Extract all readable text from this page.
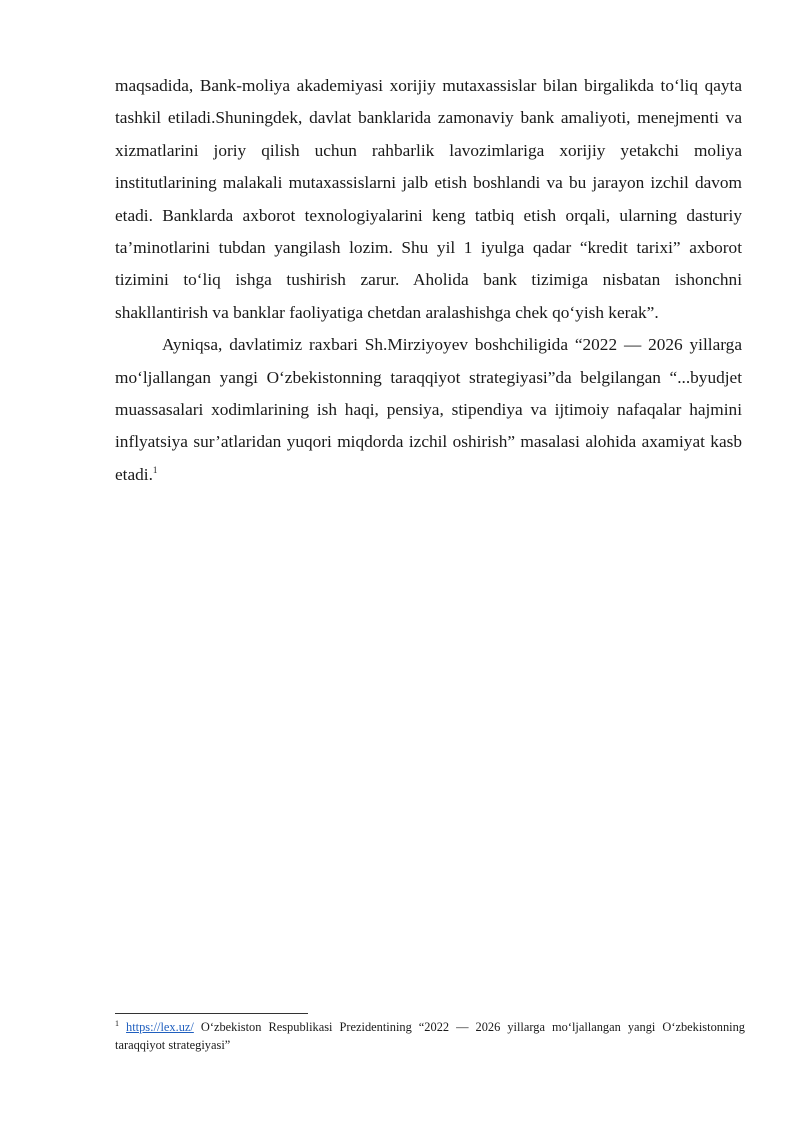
maqsadida, Bank-moliya akademiyasi xorijiy mutaxassislar bilan birgalikda to‘liq qayta tashkil etiladi.Shuningdek, davlat banklarida zamonaviy bank amaliyoti, menejmenti va xizmatlarini joriy qilish uchun rahbarlik lavozimlariga xorijiy yetakchi moliya institutlarining malakali mutaxassislarni jalb etish boshlandi va bu jarayon izchil davom etadi. Banklarda axborot texnologiyalarini keng tatbiq etish orqali, ularning dasturiy ta’minotlarini tubdan yangilash lozim. Shu yil 1 iyulga qadar “kredit tarixi” axborot tizimini to‘liq ishga tushirish zarur. Aholida bank tizimiga nisbatan ishonchni shakllantirish va banklar faoliyatiga chetdan aralashishga chek qo‘yish kerak”.

Ayniqsa, davlatimiz raxbari Sh.Mirziyoyev boshchiligida “2022 — 2026 yillarga mo‘ljallangan yangi O‘zbekistonning taraqqiyot strategiyasi”da belgilangan “...byudjet muassasalari xodimlarining ish haqi, pensiya, stipendiya va ijtimoiy nafaqalar hajmini inflyatsiya sur’atlaridan yuqori miqdorda izchil oshirish” masalasi alohida axamiyat kasb etadi.$^1$

$^1$ https://lex.uz/ O‘zbekiston Respublikasi Prezidentining “2022 — 2026 yillarga mo‘ljallangan yangi O‘zbekistonning taraqqiyot strategiyasi”
